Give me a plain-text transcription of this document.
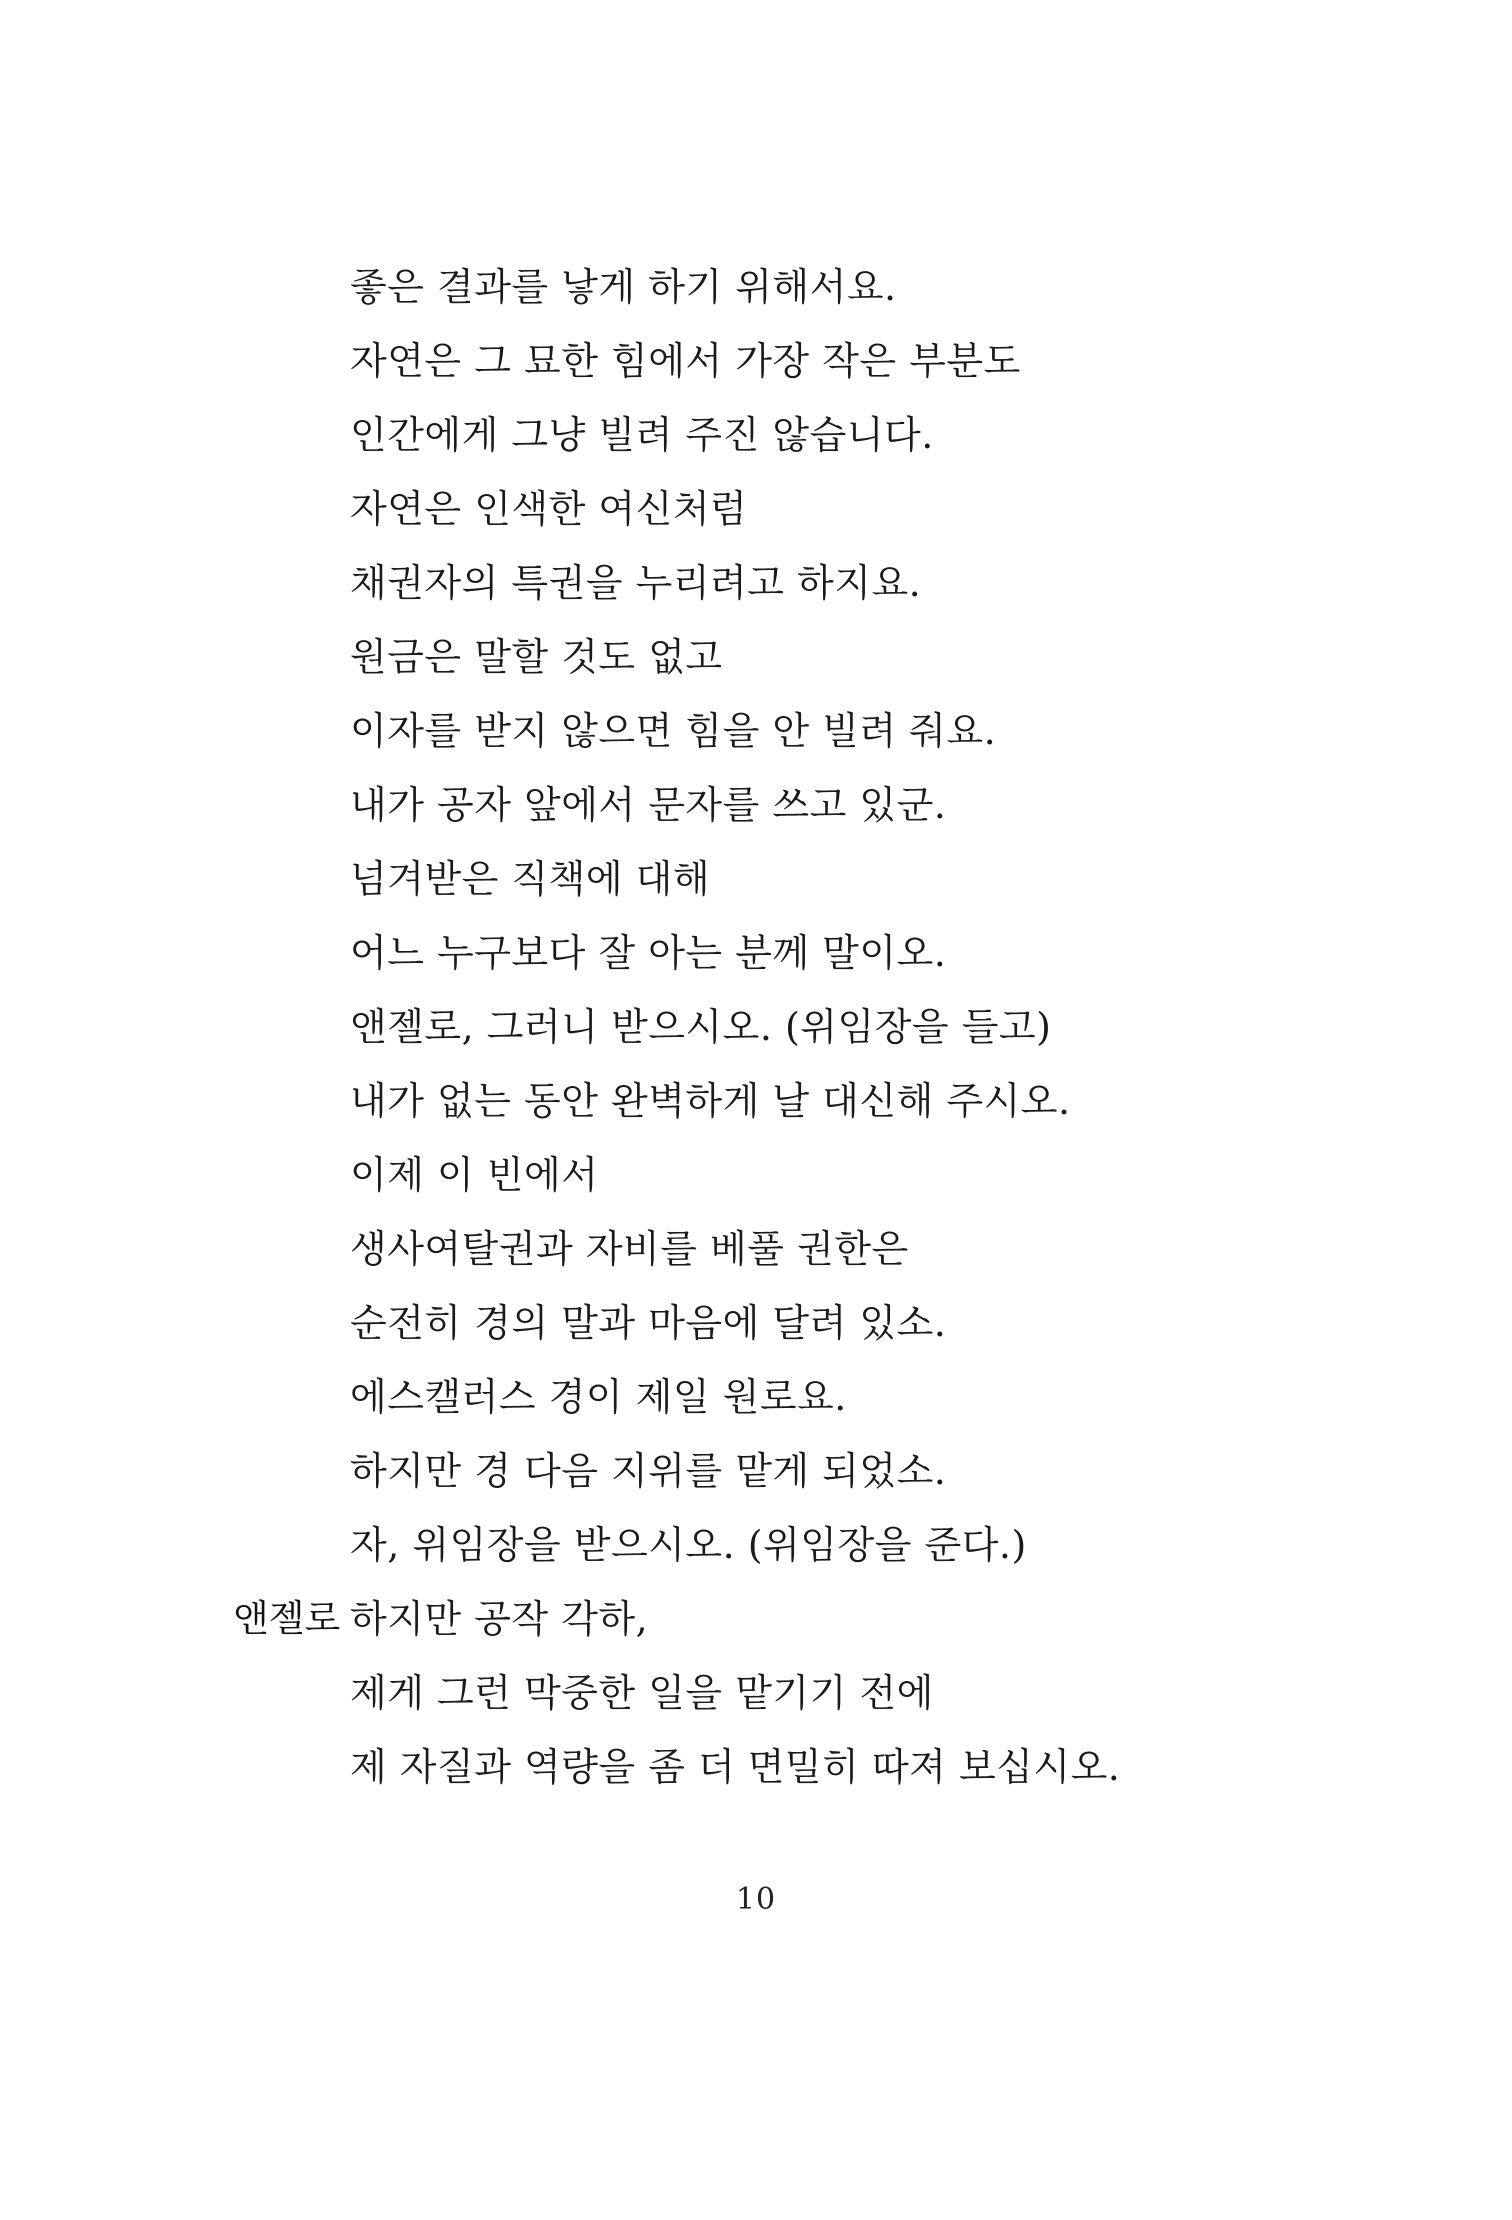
좋은 결과를 낳게 하기 위해서요.
자연은 그 묘한 힘에서 가장 작은 부분도
인간에게 그냥 빌려 주진 않습니다.
자연은 인색한 여신처럼
채권자의 특권을 누리려고 하지요.
원금은 말할 것도 없고
이자를 받지 않으면 힘을 안 빌려 줘요.
내가 공자 앞에서 문자를 쓰고 있군.
넘겨받은 직책에 대해
어느 누구보다 잘 아는 분께 말이오.
앤젤로, 그러니 받으시오. (위임장을 들고)
내가 없는 동안 완벽하게 날 대신해 주시오.
이제 이 빈에서
생사여탈권과 자비를 베풀 권한은
순전히 경의 말과 마음에 달려 있소.
에스캘러스 경이 제일 원로요.
하지만 경 다음 지위를 맡게 되었소.
자, 위임장을 받으시오. (위임장을 준다.)
앤젤로 하지만 공작 각하,
제게 그런 막중한 일을 맡기기 전에
제 자질과 역량을 좀 더 면밀히 따져 보십시오.
10
